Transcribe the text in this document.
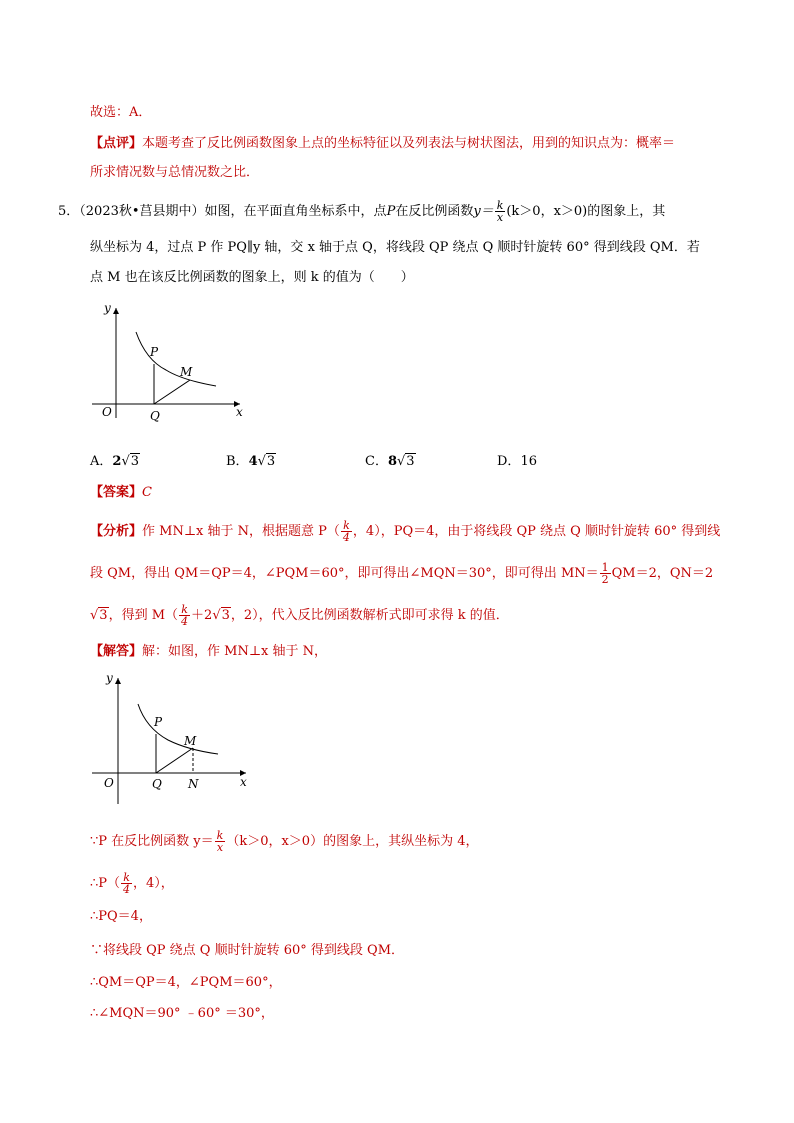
故选：A．
【点评】本题考查了反比例函数图象上点的坐标特征以及列表法与树状图法，用到的知识点为：概率＝
所求情况数与总情况数之比．
5．（2023秋•莒县期中）如图，在平面直角坐标系中，点P在反比例函数$y= \frac{k}{x} (k>0$，x＞0)的图象上，其
纵坐标为 4，过点 P 作 PQ∥y 轴，交 x 轴于点 Q，将线段 QP 绕点 Q 顺时针旋转 60° 得到线段 QM．若
点 M 也在该反比例函数的图象上，则 k 的值为（　　）
y
x
O
P
Q
M
A．2√3	B．4√3	C．8√3	D．16
【答案】C
【分析】作 MN⊥x 轴于 N，根据题意 $P( \frac{k}{4}$ ，4），PQ＝4，由于将线段 QP 绕点 Q 顺时针旋转 60° 得到线
段 QM，得出 QM＝QP＝4，∠PQM＝60°，即可得出∠MQN＝30°，即可得出 $MN= \frac{1}{2} QM=2$，QN＝2
√3，得到 $M( \frac{k}{4} +2√3$，2），代入反比例函数解析式即可求得 k 的值．
【解答】解：如图，作 MN⊥x 轴于 N，
y
x
O
P
Q
M
N
∵P 在反比例函数 $y= \frac{k}{x} (k>0$，x＞0）的图象上，其纵坐标为 4，
∴P（ $\frac{k}{4}$ ，4），
∴PQ＝4，
∵将线段 QP 绕点 Q 顺时针旋转 60° 得到线段 QM．
∴QM＝QP＝4，∠PQM＝60°，
∴∠MQN＝90° ﹣60° ＝30°，
